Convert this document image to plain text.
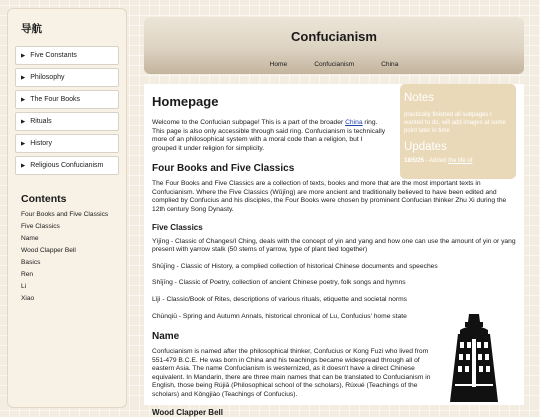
导航
▶ Five Constants
▶ Philosophy
▶ The Four Books
▶ Rituals
▶ History
▶ Religious Confucianism
Contents
Four Books and Five Classics
Five Classics
Name
Wood Clapper Bell
Basics
Ren
Li
Xiao
Confucianism
Home	Confucianism	China
Homepage

Welcome to the Confucian subpage! This is a part of the broader China ring. This page is also only accessible through said ring. Confucianism is technically more of an philosophical system with a moral code than a religion, but I grouped it under religion for simplicity.

Four Books and Five Classics

The Four Books and Five Classics are a collection of texts, books and more that are the most important texts in Confucianism. Where the Five Classics (Wǔjīng) are more ancient and traditionally believed to have been edited and complied by Confucius and his disciples, the Four Books were chosen by prominent Confucian thinker Zhu Xi during the 12th century Song Dynasty.

Five Classics

Yìjīng - Classic of Changes/I Ching, deals with the concept of yin and yang and how one can use the amount of yin or yang present with yarrow stalk (50 stems of yarrow, type of plant tied together)

Shūjīng - Classic of History, a complied collection of historical Chinese documents and speeches

Shījīng - Classic of Poetry, collection of ancient Chinese poetry, folk songs and hymns

Lǐjì - Classic/Book of Rites, descriptions of various rituals, etiquette and societal norms

Chūnqiū - Spring and Autumn Annals, historical chronical of Lu, Confucius' home state

Name

Confucianism is named after the philosophical thinker, Confucius or Kong Fuzi who lived from 551-479 B.C.E. He was born in China and his teachings became widespread through all of eastern Asia. The name Confucianism is westernized, as it doesn't have a direct Chinese equivalent. In Mandarin, there are three main names that can be translated to Confucianism in English, those being Rújiā (Philosophical school of the scholars), Rúxué (Teachings of the scholars) and Kǒngjiào (Teachings of Confucius).

Wood Clapper Bell
Notes
practically finished all subpages I wanted to do, will add images at some point later in time
Updates
18/5/25 - Added the life of
